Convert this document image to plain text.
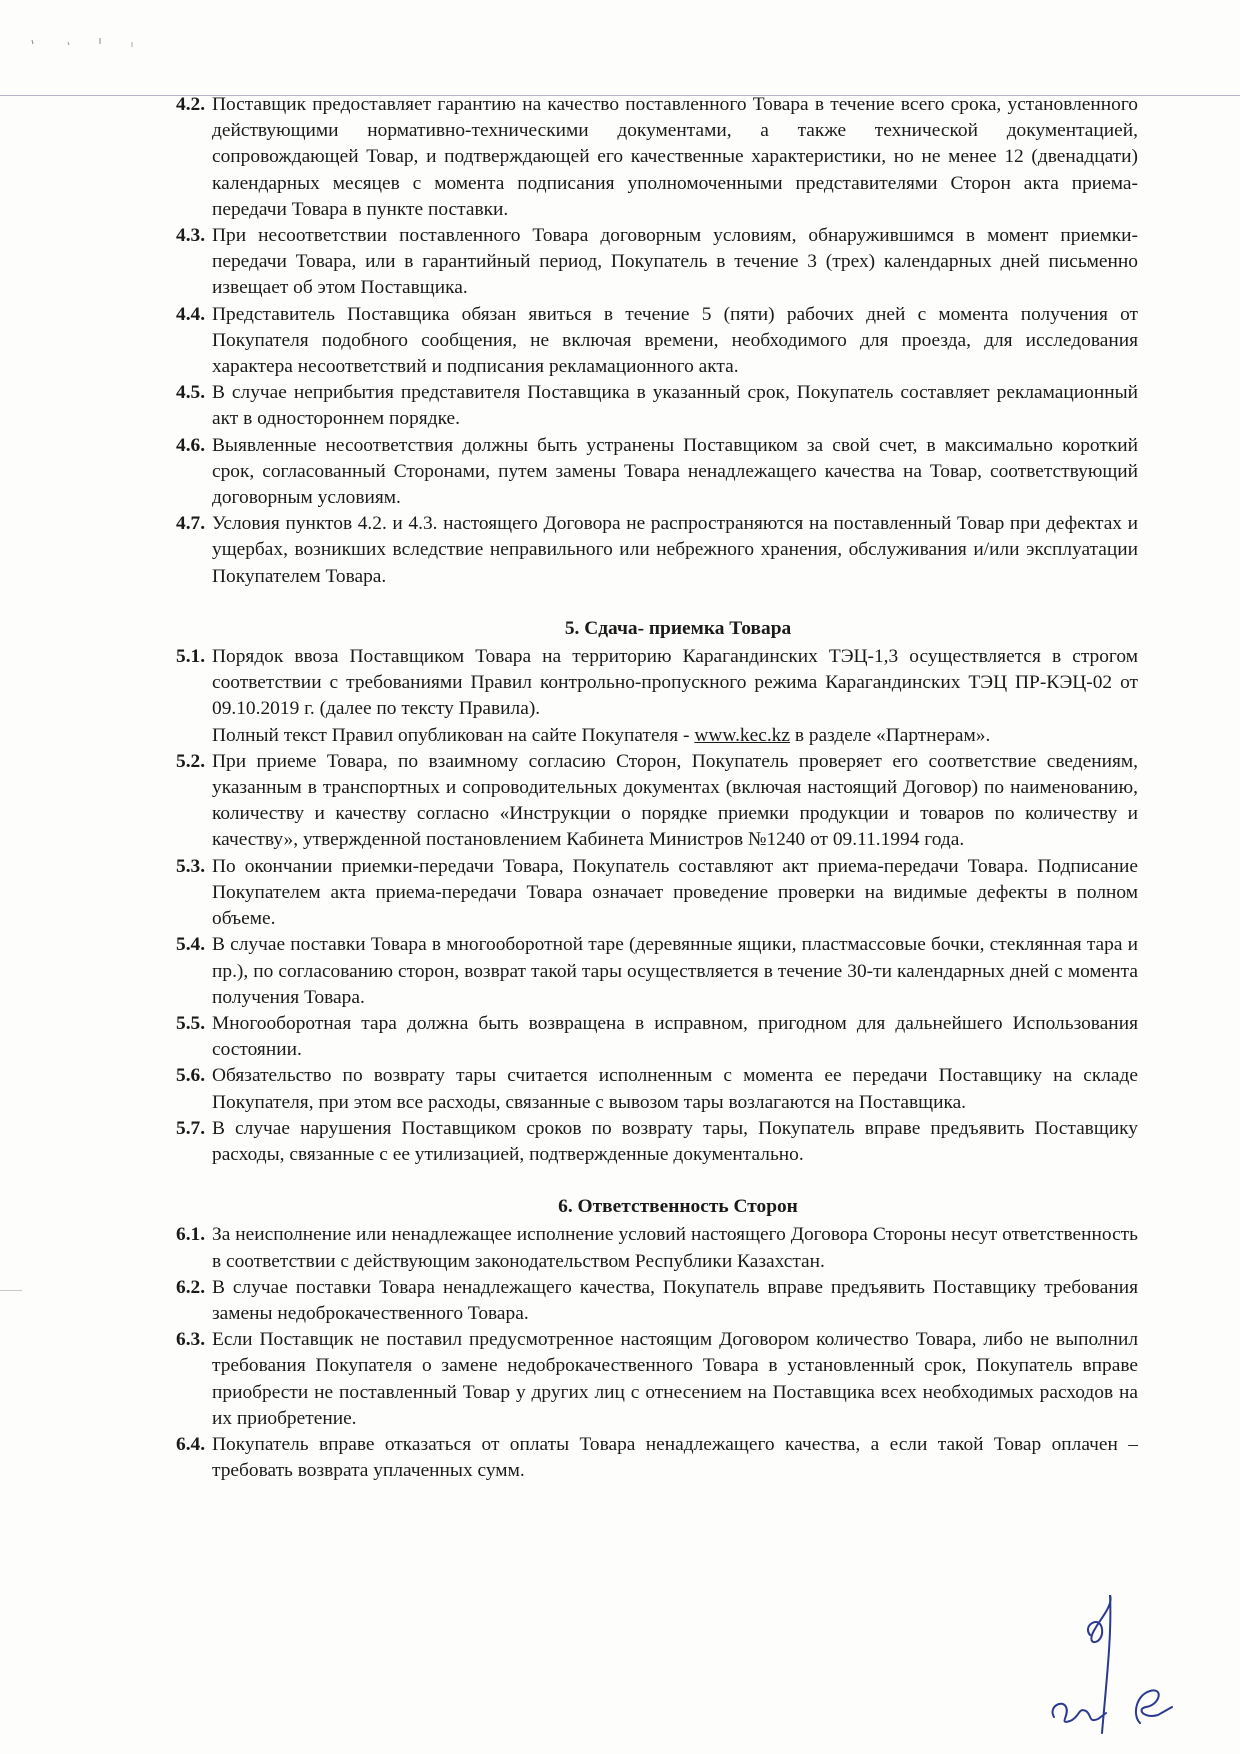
4.2. Поставщик предоставляет гарантию на качество поставленного Товара в течение всего срока, установленного действующими нормативно-техническими документами, а также технической документацией, сопровождающей Товар, и подтверждающей его качественные характеристики, но не менее 12 (двенадцати) календарных месяцев с момента подписания уполномоченными представителями Сторон акта приема-передачи Товара в пункте поставки.
4.3. При несоответствии поставленного Товара договорным условиям, обнаружившимся в момент приемки-передачи Товара, или в гарантийный период, Покупатель в течение 3 (трех) календарных дней письменно извещает об этом Поставщика.
4.4. Представитель Поставщика обязан явиться в течение 5 (пяти) рабочих дней с момента получения от Покупателя подобного сообщения, не включая времени, необходимого для проезда, для исследования характера несоответствий и подписания рекламационного акта.
4.5. В случае неприбытия представителя Поставщика в указанный срок, Покупатель составляет рекламационный акт в одностороннем порядке.
4.6. Выявленные несоответствия должны быть устранены Поставщиком за свой счет, в максимально короткий срок, согласованный Сторонами, путем замены Товара ненадлежащего качества на Товар, соответствующий договорным условиям.
4.7. Условия пунктов 4.2. и 4.3. настоящего Договора не распространяются на поставленный Товар при дефектах и ущербах, возникших вследствие неправильного или небрежного хранения, обслуживания и/или эксплуатации Покупателем Товара.
5. Сдача- приемка Товара
5.1. Порядок ввоза Поставщиком Товара на территорию Карагандинских ТЭЦ-1,3 осуществляется в строгом соответствии с требованиями Правил контрольно-пропускного режима Карагандинских ТЭЦ ПР-КЭЦ-02 от 09.10.2019 г. (далее по тексту Правила).
Полный текст Правил опубликован на сайте Покупателя - www.kec.kz в разделе «Партнерам».
5.2. При приеме Товара, по взаимному согласию Сторон, Покупатель проверяет его соответствие сведениям, указанным в транспортных и сопроводительных документах (включая настоящий Договор) по наименованию, количеству и качеству согласно «Инструкции о порядке приемки продукции и товаров по количеству и качеству», утвержденной постановлением Кабинета Министров №1240 от 09.11.1994 года.
5.3. По окончании приемки-передачи Товара, Покупатель составляют акт приема-передачи Товара. Подписание Покупателем акта приема-передачи Товара означает проведение проверки на видимые дефекты в полном объеме.
5.4. В случае поставки Товара в многооборотной таре (деревянные ящики, пластмассовые бочки, стеклянная тара и пр.), по согласованию сторон, возврат такой тары осуществляется в течение 30-ти календарных дней с момента получения Товара.
5.5. Многооборотная тара должна быть возвращена в исправном, пригодном для дальнейшего Использования состоянии.
5.6. Обязательство по возврату тары считается исполненным с момента ее передачи Поставщику на складе Покупателя, при этом все расходы, связанные с вывозом тары возлагаются на Поставщика.
5.7. В случае нарушения Поставщиком сроков по возврату тары, Покупатель вправе предъявить Поставщику расходы, связанные с ее утилизацией, подтвержденные документально.
6. Ответственность Сторон
6.1. За неисполнение или ненадлежащее исполнение условий настоящего Договора Стороны несут ответственность в соответствии с действующим законодательством Республики Казахстан.
6.2. В случае поставки Товара ненадлежащего качества, Покупатель вправе предъявить Поставщику требования замены недоброкачественного Товара.
6.3. Если Поставщик не поставил предусмотренное настоящим Договором количество Товара, либо не выполнил требования Покупателя о замене недоброкачественного Товара в установленный срок, Покупатель вправе приобрести не поставленный Товар у других лиц с отнесением на Поставщика всех необходимых расходов на их приобретение.
6.4. Покупатель вправе отказаться от оплаты Товара ненадлежащего качества, а если такой Товар оплачен – требовать возврата уплаченных сумм.
